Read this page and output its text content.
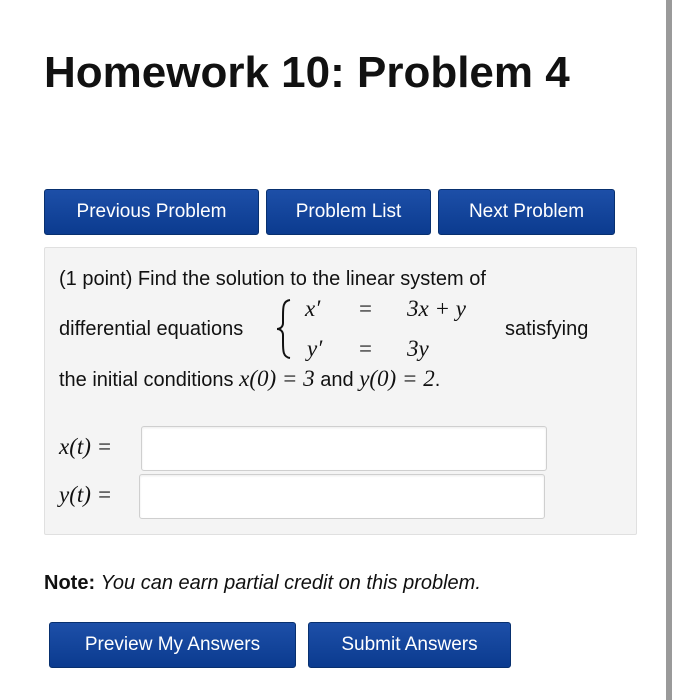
Homework 10: Problem 4
Previous Problem	Problem List	Next Problem
(1 point) Find the solution to the linear system of
differential equations
x′ = 3x + y
y′ = 3y
satisfying
the initial conditions x(0) = 3 and y(0) = 2.
x(t) =
y(t) =
Note: You can earn partial credit on this problem.
Preview My Answers	Submit Answers
